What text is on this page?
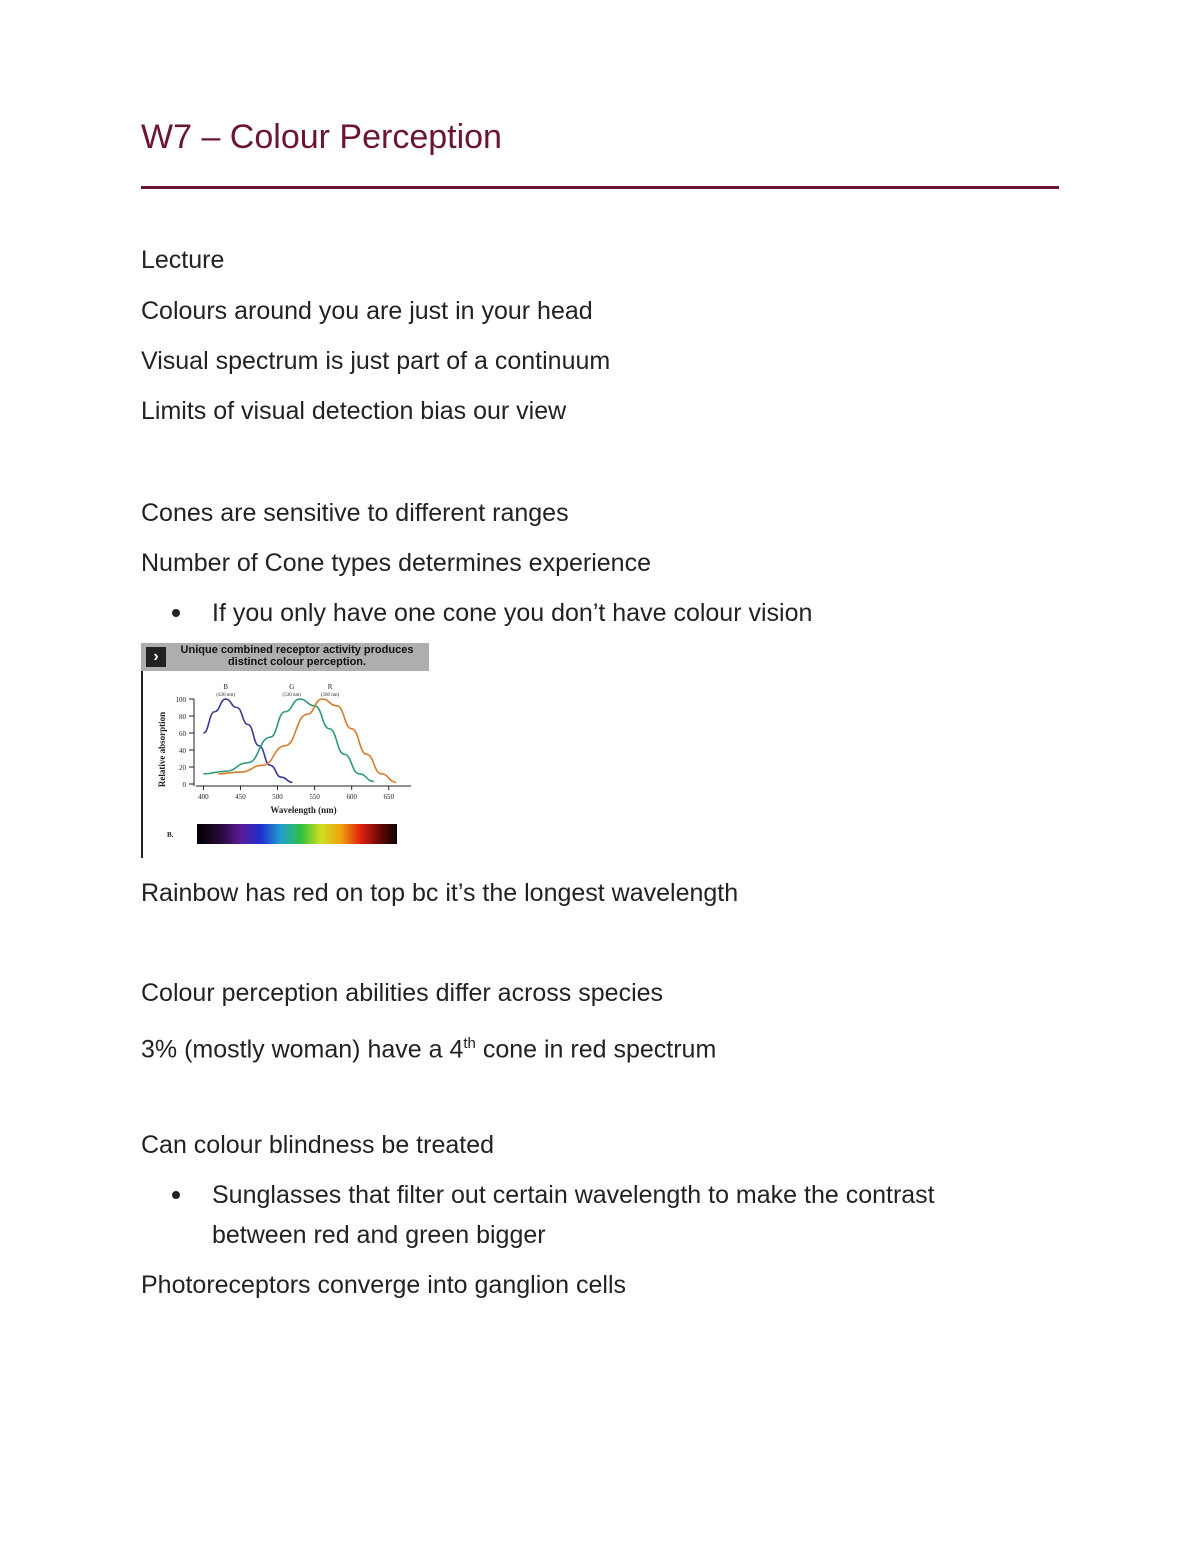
W7 – Colour Perception
Lecture
Colours around you are just in your head
Visual spectrum is just part of a continuum
Limits of visual detection bias our view
Cones are sensitive to different ranges
Number of Cone types determines experience
If you only have one cone you don’t have colour vision
›	Unique combined receptor activity produces distinct colour perception.
0
20
40
60
80
100
400	450	500	550	600	650
Wavelength (nm)
Relative absorption
B
(430 nm)
G
(530 nm)
R
(560 nm)
B.
Rainbow has red on top bc it’s the longest wavelength
Colour perception abilities differ across species
3% (mostly woman) have a 4th cone in red spectrum
Can colour blindness be treated
Sunglasses that filter out certain wavelength to make the contrast
between red and green bigger
Photoreceptors converge into ganglion cells
